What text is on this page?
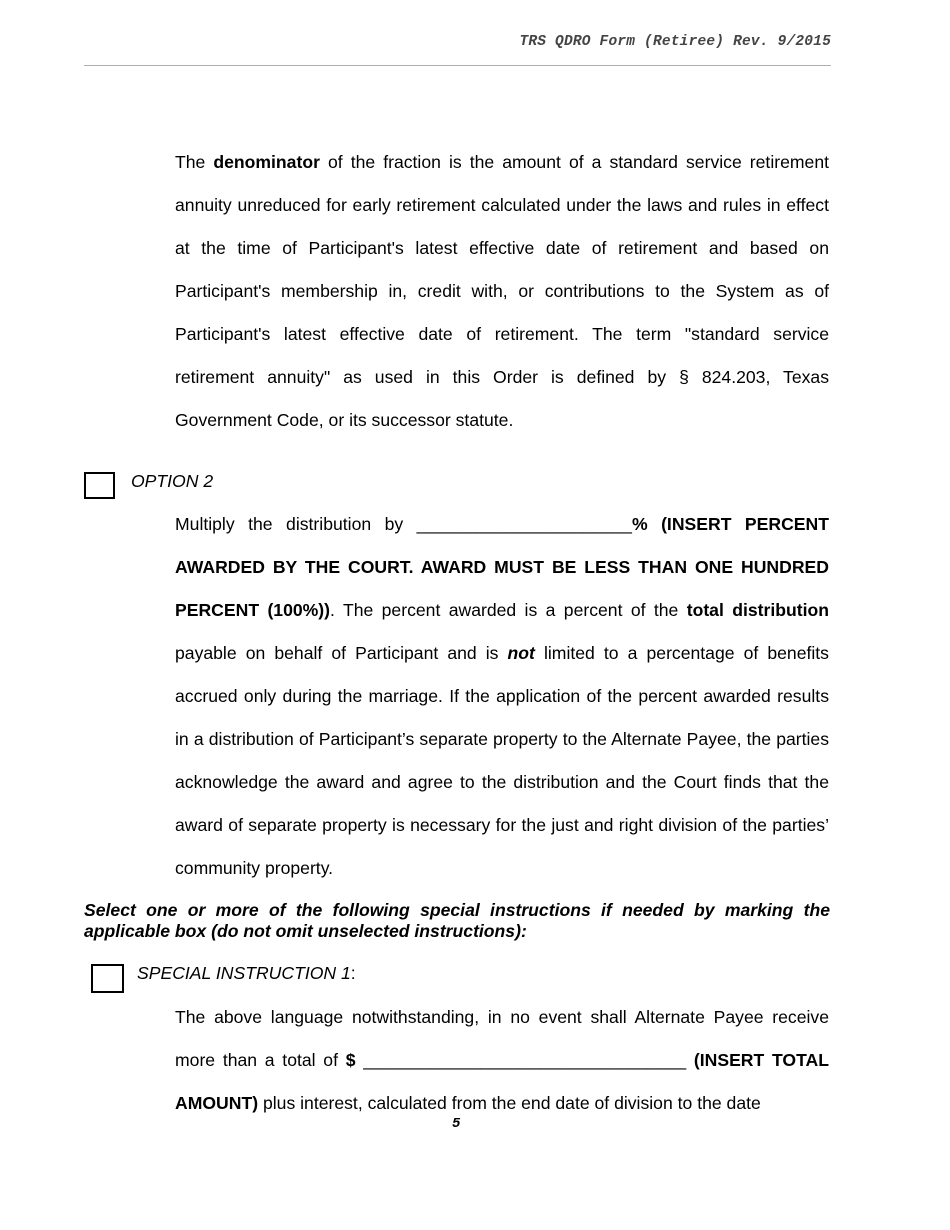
TRS QDRO Form (Retiree) Rev. 9/2015

The denominator of the fraction is the amount of a standard service retirement annuity unreduced for early retirement calculated under the laws and rules in effect at the time of Participant's latest effective date of retirement and based on Participant's membership in, credit with, or contributions to the System as of Participant's latest effective date of retirement. The term "standard service retirement annuity" as used in this Order is defined by § 824.203, Texas Government Code, or its successor statute.

OPTION 2

Multiply the distribution by ______________________% (INSERT PERCENT AWARDED BY THE COURT. AWARD MUST BE LESS THAN ONE HUNDRED PERCENT (100%)). The percent awarded is a percent of the total distribution payable on behalf of Participant and is not limited to a percentage of benefits accrued only during the marriage. If the application of the percent awarded results in a distribution of Participant’s separate property to the Alternate Payee, the parties acknowledge the award and agree to the distribution and the Court finds that the award of separate property is necessary for the just and right division of the parties’ community property.

Select one or more of the following special instructions if needed by marking the applicable box (do not omit unselected instructions):

SPECIAL INSTRUCTION 1:

The above language notwithstanding, in no event shall Alternate Payee receive more than a total of $ _________________________________ (INSERT TOTAL AMOUNT) plus interest, calculated from the end date of division to the date

5
